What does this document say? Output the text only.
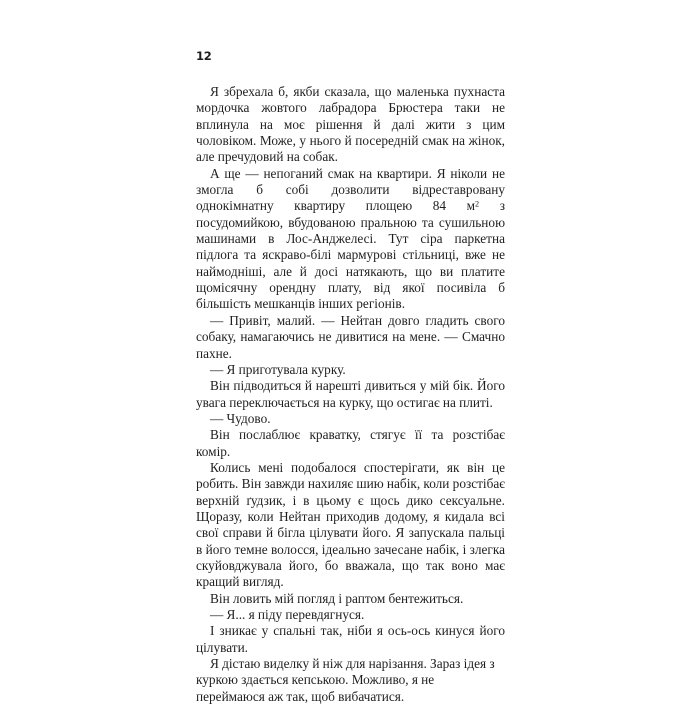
12

Я збрехала б, якби сказала, що маленька пухнаста мордочка жовтого лабрадора Брюстера таки не вплинула на моє рішення й далі жити з цим чоловіком. Може, у нього й посередній смак на жінок, але пречудовий на собак.

А ще — непоганий смак на квартири. Я ніколи не змогла б собі дозволити відреставровану однокімнатну квартиру площею 84 $м^2$ з посудомийкою, вбудованою пральною та сушильною машинами в Лос-Анджелесі. Тут сіра паркетна підлога та яскраво-білі мармурові стільниці, вже не наймодніші, але й досі натякають, що ви платите щомісячну орендну плату, від якої посивіла б більшість мешканців інших регіонів.

— Привіт, малий. — Нейтан довго гладить свого собаку, намагаючись не дивитися на мене. — Смачно пахне.

— Я приготувала курку.

Він підводиться й нарешті дивиться у мій бік. Його увага переключається на курку, що остигає на плиті.

— Чудово.

Він послаблює краватку, стягує її та розстібає комір.

Колись мені подобалося спостерігати, як він це робить. Він завжди нахиляє шию набік, коли розстібає верхній ґудзик, і в цьому є щось дико сексуальне. Щоразу, коли Нейтан приходив додому, я кидала всі свої справи й бігла цілувати його. Я запускала пальці в його темне волосся, ідеально зачесане набік, і злегка скуйовджувала його, бо вважала, що так воно має кращий вигляд.

Він ловить мій погляд і раптом бентежиться.

— Я... я піду перевдягнуся.

І зникає у спальні так, ніби я ось-ось кинуся його цілувати.

Я дістаю виделку й ніж для нарізання. Зараз ідея з куркою здається кепською. Можливо, я не переймаюся аж так, щоб вибачатися.
